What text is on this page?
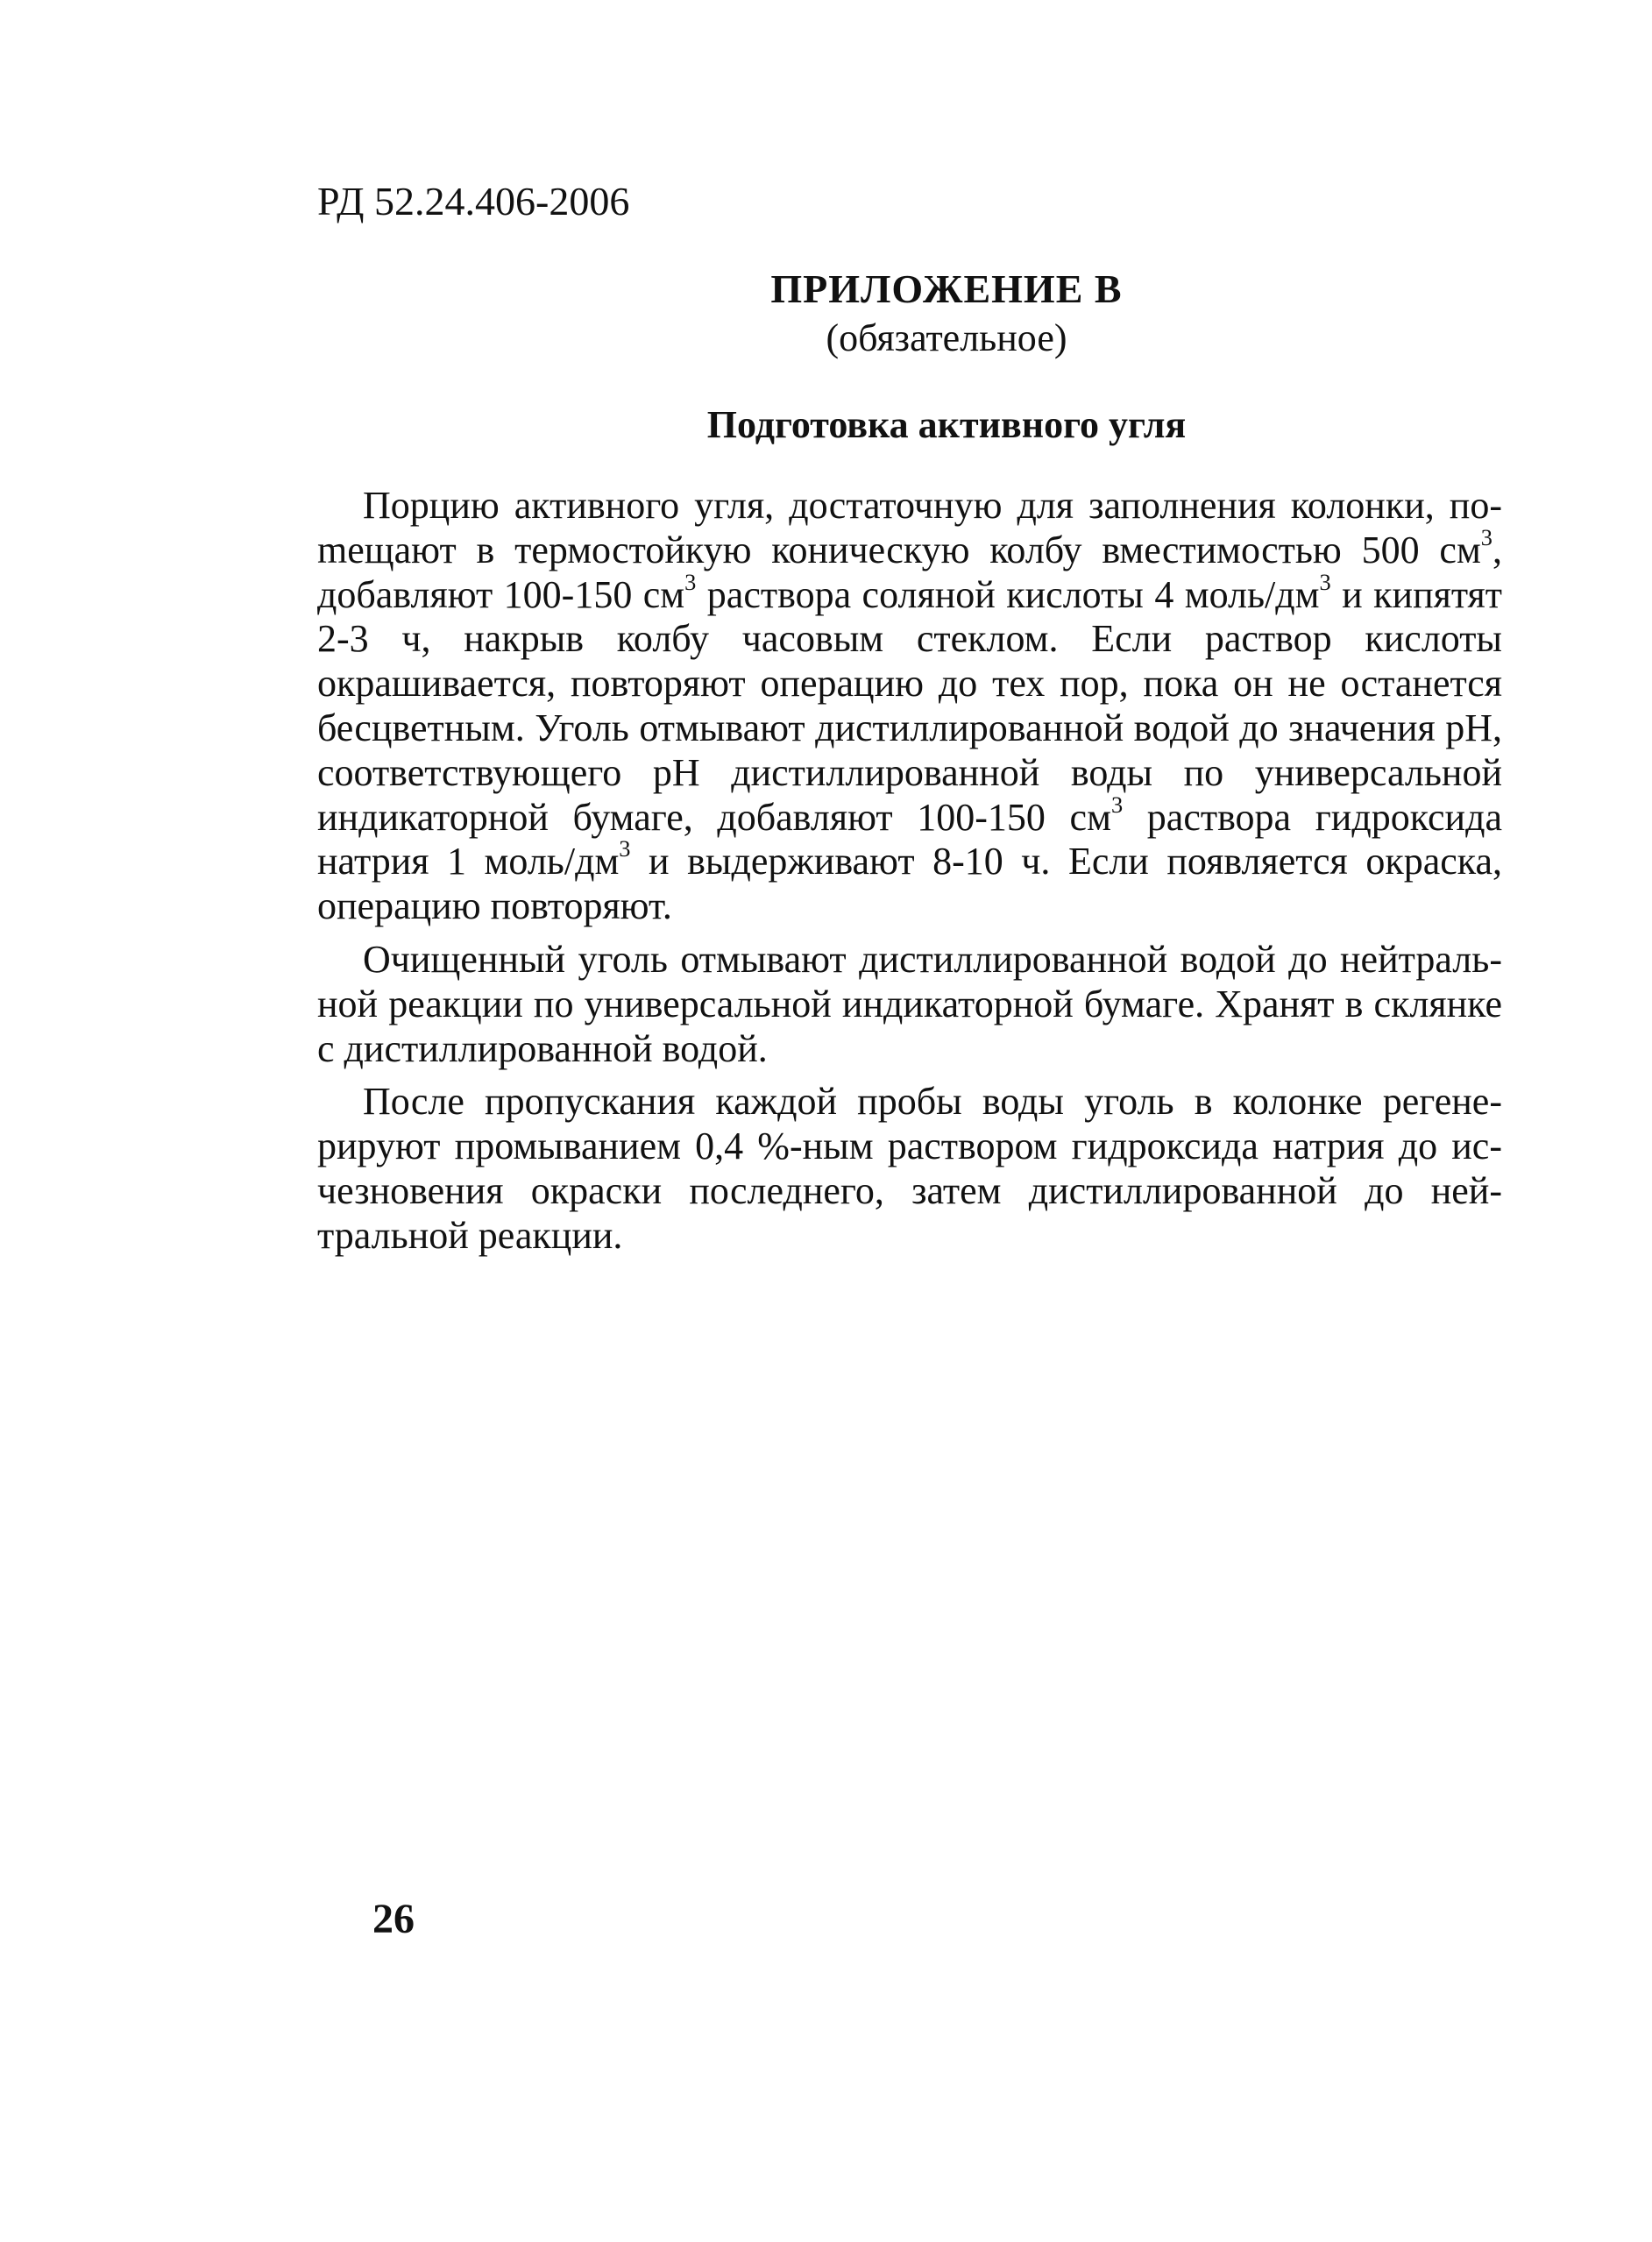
РД 52.24.406-2006
ПРИЛОЖЕНИЕ В
(обязательное)
Подготовка активного угля

Порцию активного угля, достаточную для заполнения колонки, поmещают в термостойкую коническую колбу вместимостью 500 $см^3$, добавляют 100-150 $см^3$ раствора соляной кислоты 4 моль/$дм^3$ и кипятят 2-3 ч, накрыв колбу часовым стеклом. Если раствор кислоты окрашивается, повторяют операцию до тех пор, пока он не останется бесцветным. Уголь отмывают дистиллированной водой до значения рН, соответствующего рН дистиллированной воды по универсальной индикаторной бумаге, добавляют 100-150 $см^3$ раствора гидроксида натрия 1 моль/$дм^3$ и выдерживают 8-10 ч. Если появляется окраска, операцию повторяют.

Очищенный уголь отмывают дистиллированной водой до нейтральной реакции по универсальной индикаторной бумаге. Хранят в склянке с дистиллированной водой.

После пропускания каждой пробы воды уголь в колонке регенерируют промыванием 0,4 %-ным раствором гидроксида натрия до исчезновения окраски последнего, затем дистиллированной до нейтральной реакции.

26
